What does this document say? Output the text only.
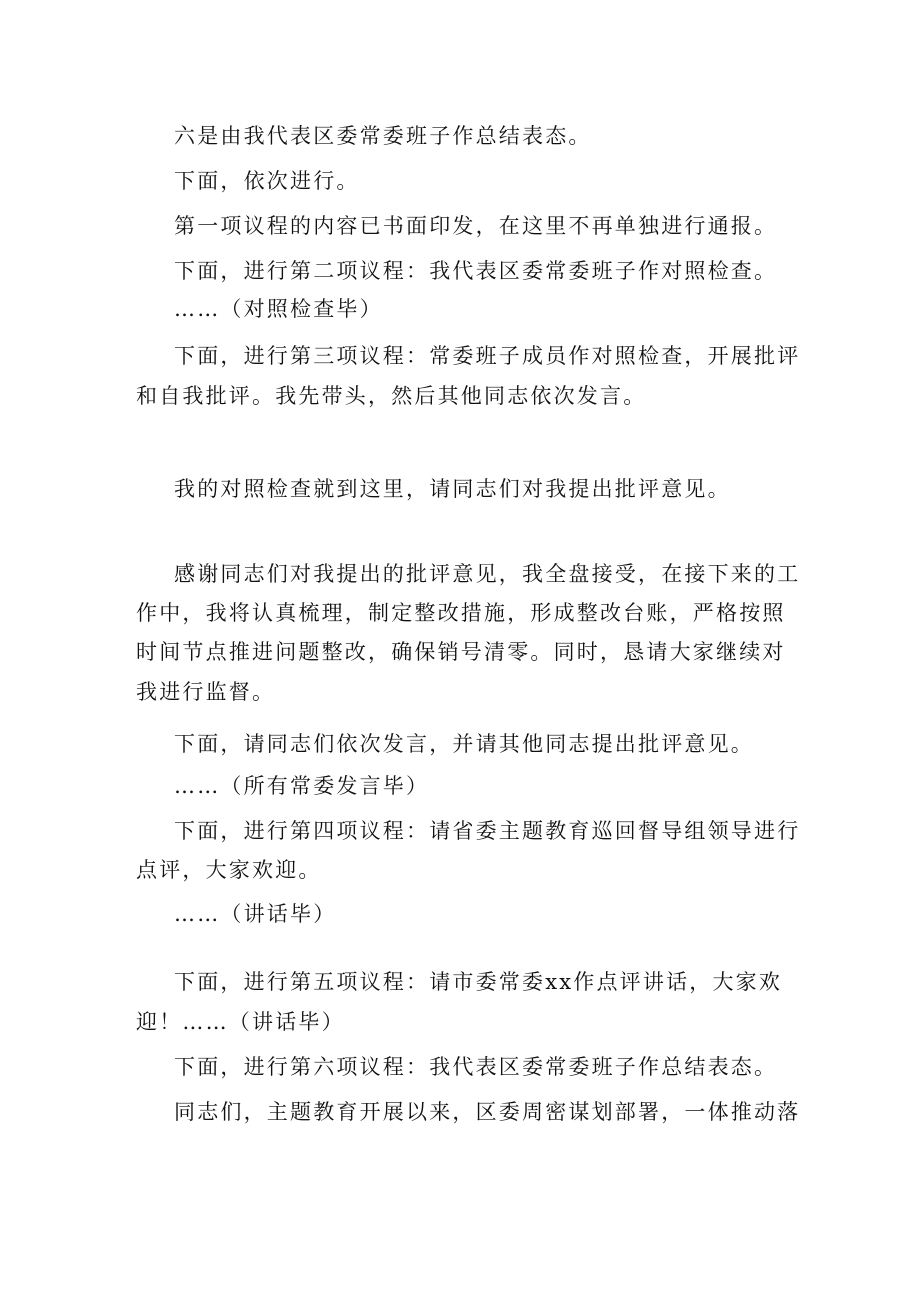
六是由我代表区委常委班子作总结表态。
下面，依次进行。
第一项议程的内容已书面印发，在这里不再单独进行通报。
下面，进行第二项议程：我代表区委常委班子作对照检查。
……（对照检查毕）
下面，进行第三项议程：常委班子成员作对照检查，开展批评
和自我批评。我先带头，然后其他同志依次发言。
我的对照检查就到这里，请同志们对我提出批评意见。
感谢同志们对我提出的批评意见，我全盘接受，在接下来的工
作中，我将认真梳理，制定整改措施，形成整改台账，严格按照
时间节点推进问题整改，确保销号清零。同时，恳请大家继续对
我进行监督。
下面，请同志们依次发言，并请其他同志提出批评意见。
……（所有常委发言毕）
下面，进行第四项议程：请省委主题教育巡回督导组领导进行
点评，大家欢迎。
……（讲话毕）
下面，进行第五项议程：请市委常委xx作点评讲话，大家欢
迎！……（讲话毕）
下面，进行第六项议程：我代表区委常委班子作总结表态。
同志们，主题教育开展以来，区委周密谋划部署，一体推动落
